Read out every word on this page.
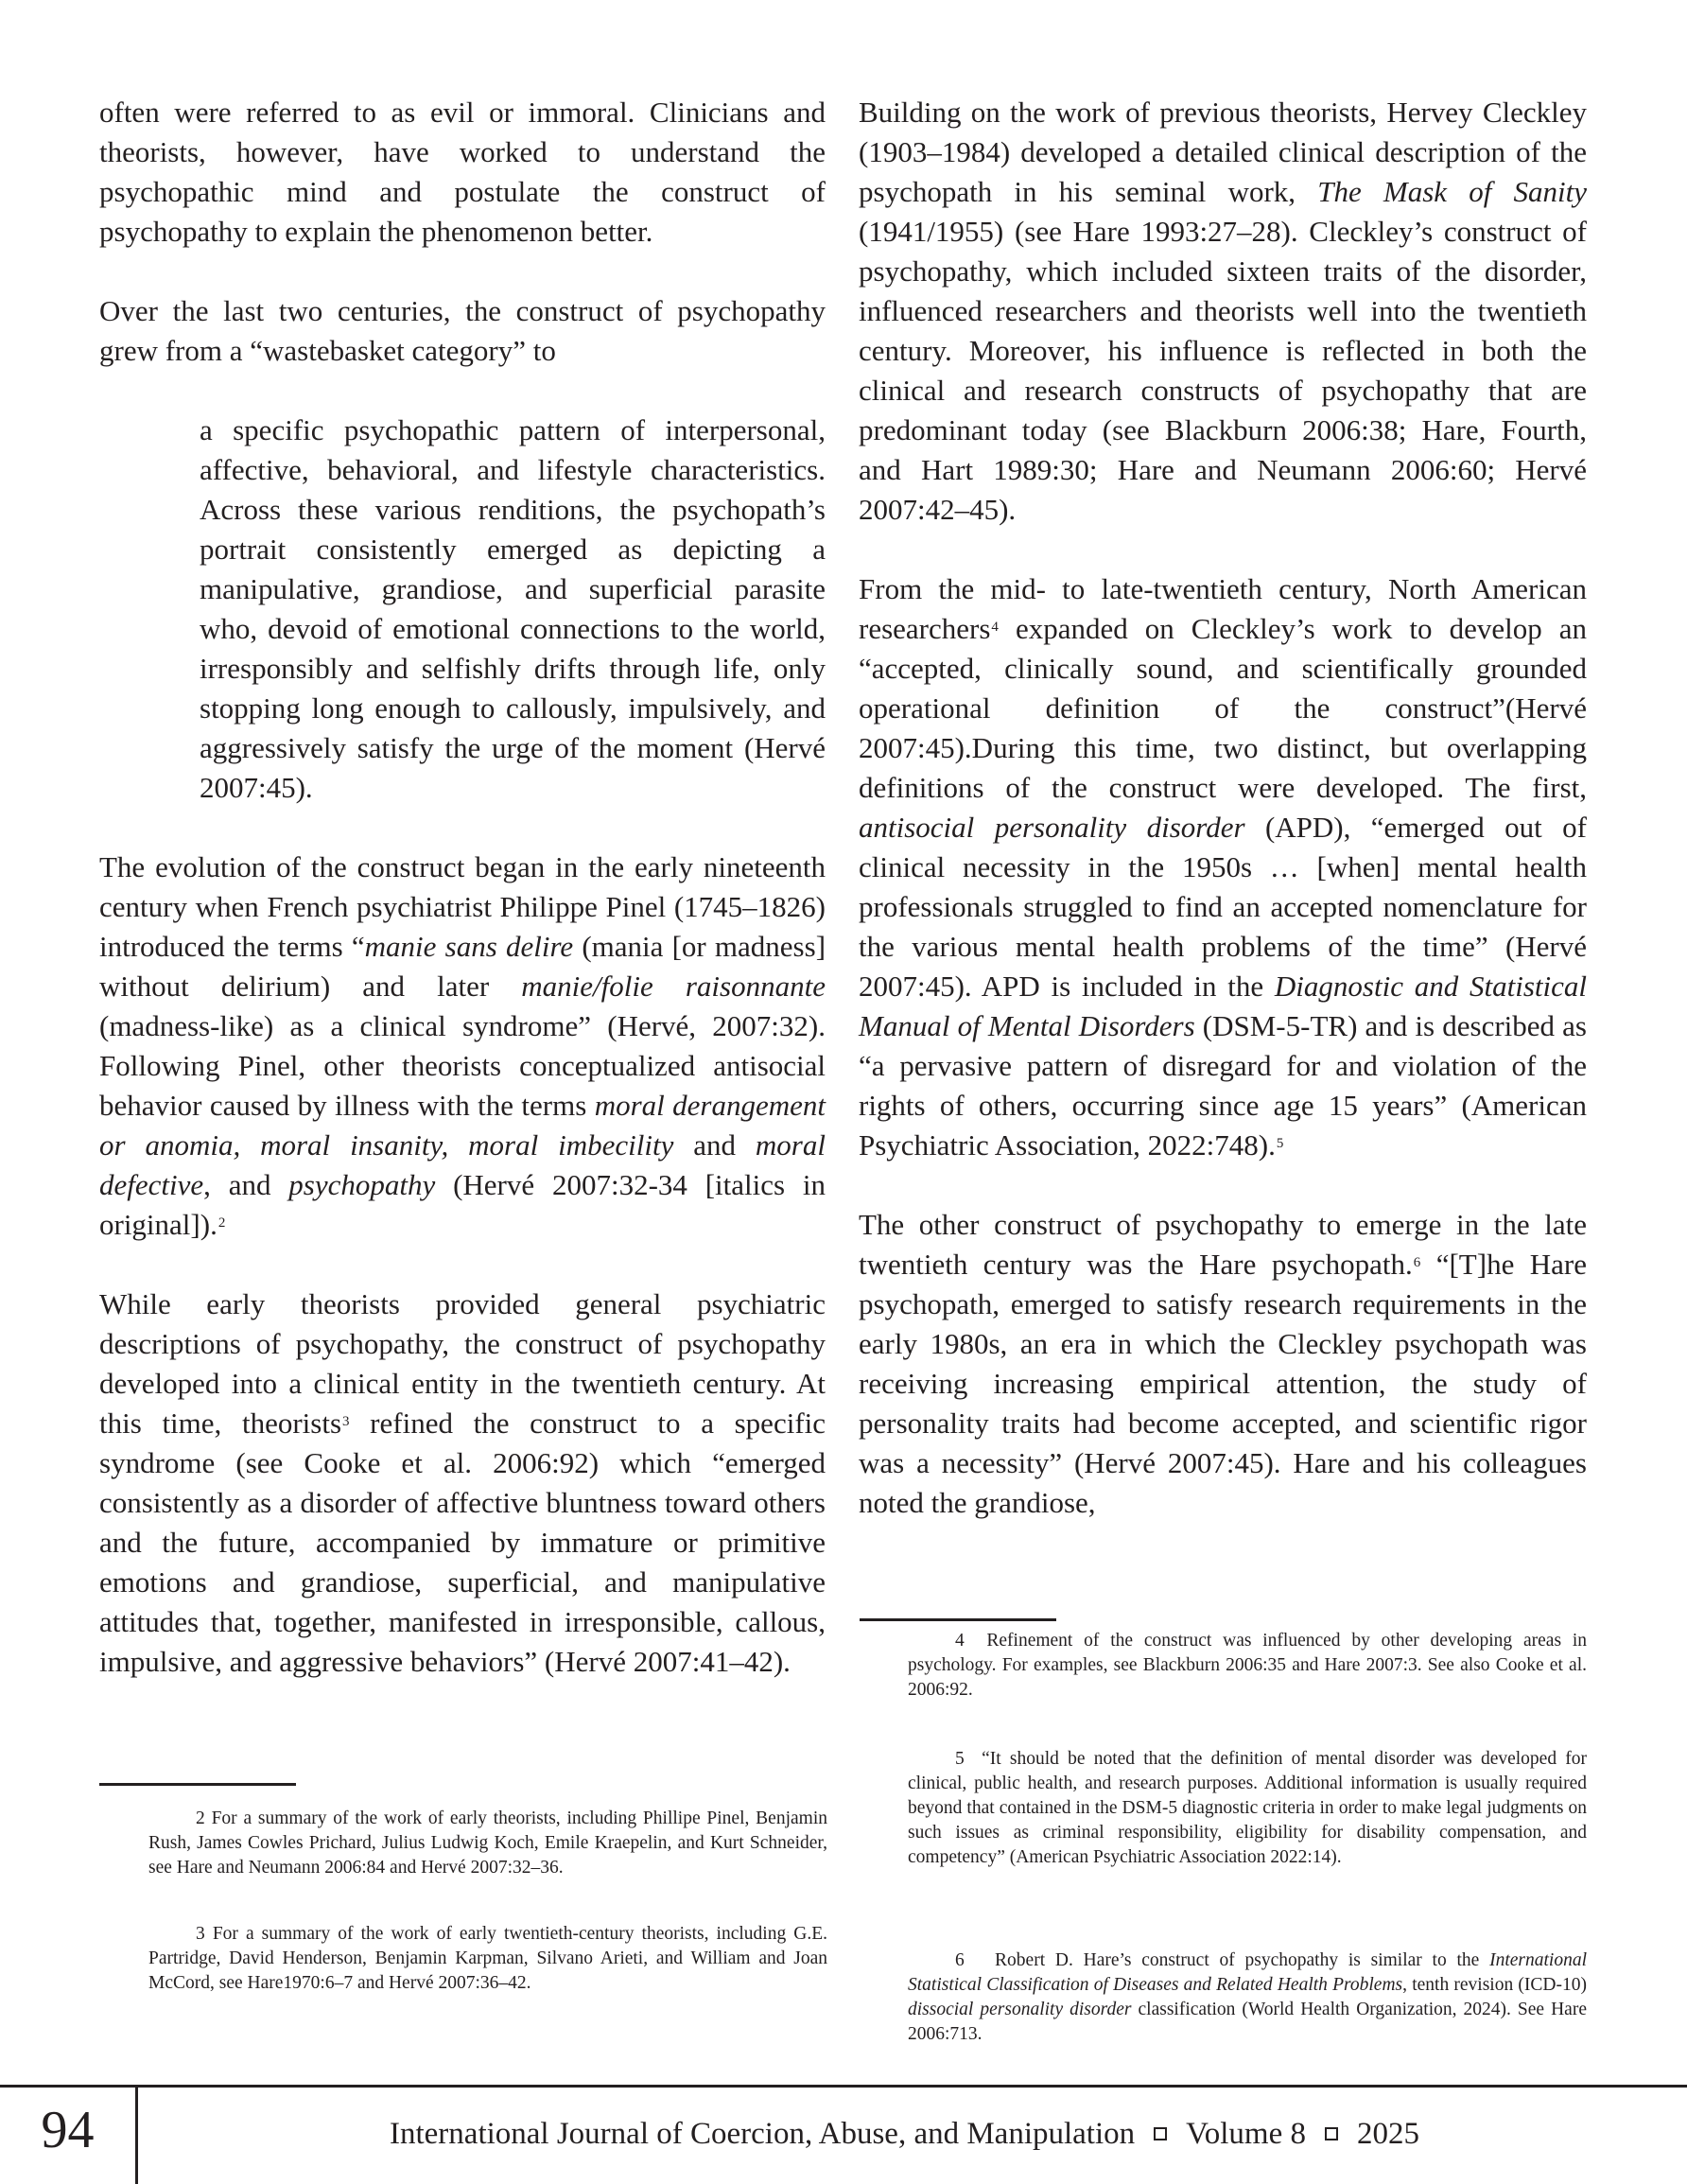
often were referred to as evil or immoral. Clinicians and theorists, however, have worked to understand the psychopathic mind and postulate the construct of psychopathy to explain the phenomenon better.

Over the last two centuries, the construct of psychopathy grew from a “wastebasket category” to

a specific psychopathic pattern of interpersonal, affective, behavioral, and lifestyle characteristics. Across these various renditions, the psychopath’s portrait consistently emerged as depicting a manipulative, grandiose, and superficial parasite who, devoid of emotional connections to the world, irresponsibly and selfishly drifts through life, only stopping long enough to callously, impulsively, and aggressively satisfy the urge of the moment (Hervé 2007:45).

The evolution of the construct began in the early nineteenth century when French psychiatrist Philippe Pinel (1745–1826) introduced the terms “manie sans delire (mania [or madness] without delirium) and later manie/folie raisonnante (madness-like) as a clinical syndrome” (Hervé, 2007:32). Following Pinel, other theorists conceptualized antisocial behavior caused by illness with the terms moral derangement or anomia, moral insanity, moral imbecility and moral defective, and psychopathy (Hervé 2007:32-34 [italics in original]).$^2$

While early theorists provided general psychiatric descriptions of psychopathy, the construct of psychopathy developed into a clinical entity in the twentieth century. At this time, theorists$^3$ refined the construct to a specific syndrome (see Cooke et al. 2006:92) which “emerged consistently as a disorder of affective bluntness toward others and the future, accompanied by immature or primitive emotions and grandiose, superficial, and manipulative attitudes that, together, manifested in irresponsible, callous, impulsive, and aggressive behaviors” (Hervé 2007:41–42).

2 For a summary of the work of early theorists, including Phillipe Pinel, Benjamin Rush, James Cowles Prichard, Julius Ludwig Koch, Emile Kraepelin, and Kurt Schneider, see Hare and Neumann 2006:84 and Hervé 2007:32–36.
3 For a summary of the work of early twentieth-century theorists, including G.E. Partridge, David Henderson, Benjamin Karpman, Silvano Arieti, and William and Joan McCord, see Hare1970:6–7 and Hervé 2007:36–42.

Building on the work of previous theorists, Hervey Cleckley (1903–1984) developed a detailed clinical description of the psychopath in his seminal work, The Mask of Sanity (1941/1955) (see Hare 1993:27–28). Cleckley’s construct of psychopathy, which included sixteen traits of the disorder, influenced researchers and theorists well into the twentieth century. Moreover, his influence is reflected in both the clinical and research constructs of psychopathy that are predominant today (see Blackburn 2006:38; Hare, Fourth, and Hart 1989:30; Hare and Neumann 2006:60; Hervé 2007:42–45).

From the mid- to late-twentieth century, North American researchers$^4$ expanded on Cleckley’s work to develop an “accepted, clinically sound, and scientifically grounded operational definition of the construct”(Hervé 2007:45).During this time, two distinct, but overlapping definitions of the construct were developed. The first, antisocial personality disorder (APD), “emerged out of clinical necessity in the 1950s … [when] mental health professionals struggled to find an accepted nomenclature for the various mental health problems of the time” (Hervé 2007:45). APD is included in the Diagnostic and Statistical Manual of Mental Disorders (DSM-5-TR) and is described as “a pervasive pattern of disregard for and violation of the rights of others, occurring since age 15 years” (American Psychiatric Association, 2022:748).$^5$

The other construct of psychopathy to emerge in the late twentieth century was the Hare psychopath.$^6$ “[T]he Hare psychopath, emerged to satisfy research requirements in the early 1980s, an era in which the Cleckley psychopath was receiving increasing empirical attention, the study of personality traits had become accepted, and scientific rigor was a necessity” (Hervé 2007:45). Hare and his colleagues noted the grandiose,

4 Refinement of the construct was influenced by other developing areas in psychology. For examples, see Blackburn 2006:35 and Hare 2007:3. See also Cooke et al. 2006:92.
5 “It should be noted that the definition of mental disorder was developed for clinical, public health, and research purposes. Additional information is usually required beyond that contained in the DSM-5 diagnostic criteria in order to make legal judgments on such issues as criminal responsibility, eligibility for disability compensation, and competency” (American Psychiatric Association 2022:14).
6 Robert D. Hare’s construct of psychopathy is similar to the International Statistical Classification of Diseases and Related Health Problems, tenth revision (ICD-10) dissocial personality disorder classification (World Health Organization, 2024). See Hare 2006:713.
94	International Journal of Coercion, Abuse, and Manipulation Volume 8 2025
